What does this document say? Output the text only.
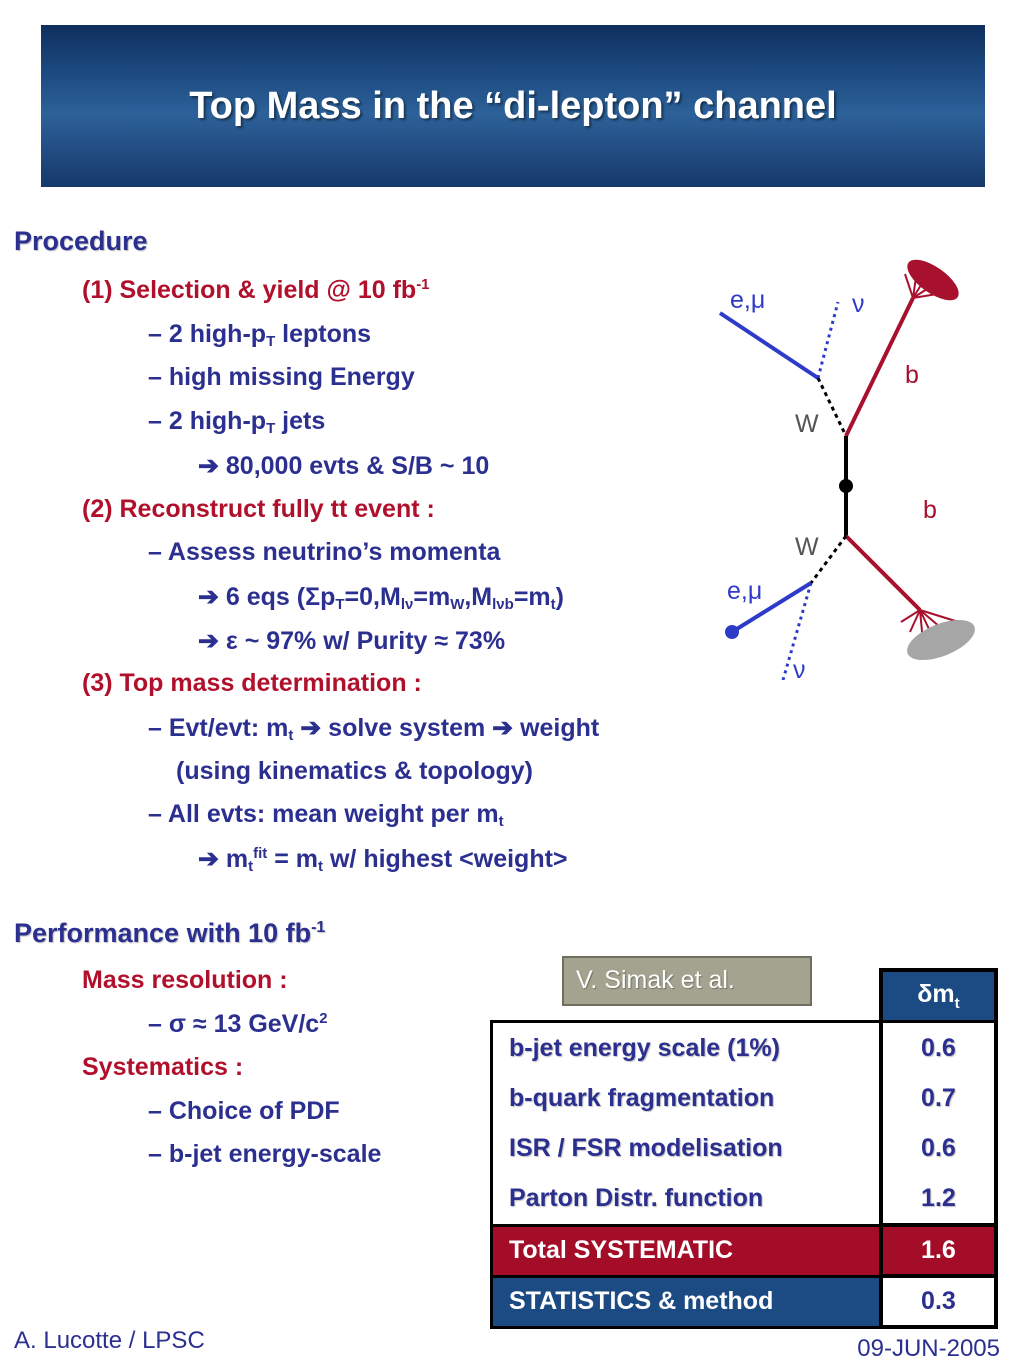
Top Mass in the “di-lepton” channel
Procedure
(1) Selection & yield @ 10 $fb^{-1}$
– 2 high-$p_T$ leptons
– high missing Energy
– 2 high-$p_T$ jets
➔ 80,000 evts & S/B ~ 10
(2) Reconstruct fully tt event :
– Assess neutrino’s momenta
➔ 6 eqs $(\Sigma p_T=0,M_{l\nu}=m_W,M_{l\nu b}=m_t)$
➔ ε ~ 97% w/ Purity ≈ 73%
(3) Top mass determination :
– Evt/evt: $m_t$ ➔ solve system ➔ weight
(using kinematics & topology)
– All evts: mean weight per $m_t$
➔ $m_t^{fit} = m_t$ w/ highest <weight>
e,μ	ν
b
W
b
W
e,μ
ν
Performance with 10 $fb^{-1}$
Mass resolution :
– σ ≈ 13 GeV/$c^2$
Systematics :
– Choice of PDF
– b-jet energy-scale
V. Simak et al.
		$\delta m_t$
b-jet energy scale (1%)	0.6
b-quark fragmentation	0.7
ISR / FSR modelisation	0.6
Parton Distr. function	1.2
Total SYSTEMATIC	1.6
STATISTICS & method	0.3
A. Lucotte / LPSC	09-JUN-2005
